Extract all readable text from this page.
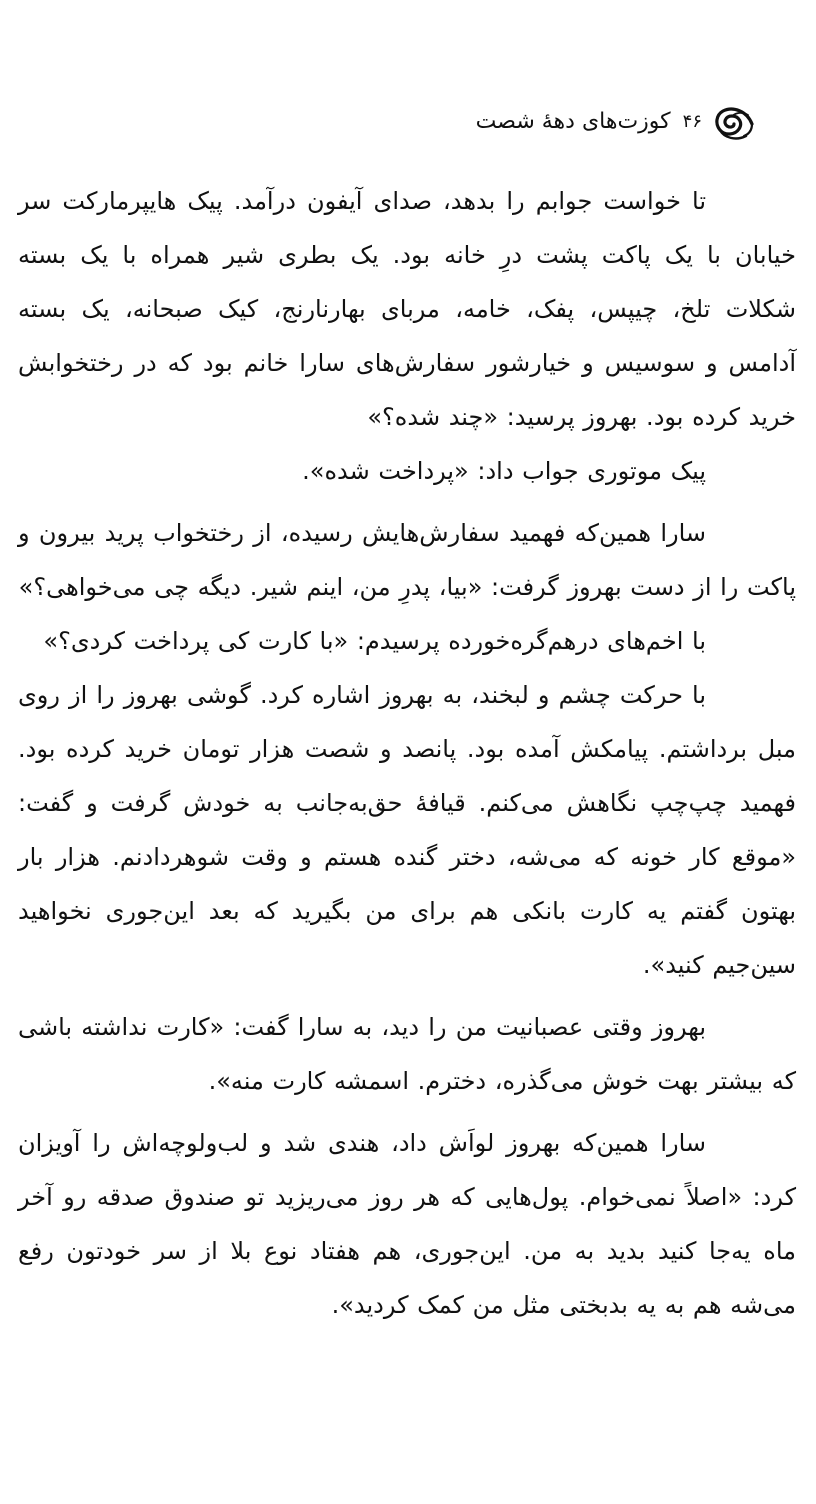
۴۶
کوزت‌های دههٔ شصت

تا خواست جوابم را بدهد، صدای آیفون درآمد. پیک هایپرمارکت سر خیابان با یک پاکت پشت درِ خانه بود. یک بطری شیر همراه با یک بسته شکلات تلخ، چیپس، پفک، خامه، مربای بهارنارنج، کیک صبحانه، یک بسته آدامس و سوسیس و خیارشور سفارش‌های سارا خانم بود که در رختخوابش خرید کرده بود. بهروز پرسید: «چند شده؟»

پیک موتوری جواب داد: «پرداخت شده».

سارا همین‌که فهمید سفارش‌هایش رسیده، از رختخواب پرید بیرون و پاکت را از دست بهروز گرفت: «بیا، پدرِ من، اینم شیر. دیگه چی می‌خواهی؟»

با اخم‌های درهم‌گره‌خورده پرسیدم: «با کارت کی پرداخت کردی؟»

با حرکت چشم و لبخند، به بهروز اشاره کرد. گوشی بهروز را از روی مبل برداشتم. پیامکش آمده بود. پانصد و شصت هزار تومان خرید کرده بود. فهمید چپ‌چپ نگاهش می‌کنم. قیافهٔ حق‌به‌جانب به خودش گرفت و گفت: «موقع کار خونه که می‌شه، دختر گنده هستم و وقت شوهردادنم. هزار بار بهتون گفتم یه کارت بانکی هم برای من بگیرید که بعد این‌جوری نخواهید سین‌جیم کنید».

بهروز وقتی عصبانیت من را دید، به سارا گفت: «کارت نداشته باشی که بیشتر بهت خوش می‌گذره، دخترم. اسمشه کارت منه».

سارا همین‌که بهروز لواَش داد، هندی شد و لب‌ولوچه‌اش را آویزان کرد: «اصلاً نمی‌خوام. پول‌هایی که هر روز می‌ریزید تو صندوق صدقه رو آخر ماه یه‌جا کنید بدید به من. این‌جوری، هم هفتاد نوع بلا از سر خودتون رفع می‌شه هم به یه بدبختی مثل من کمک کردید».
